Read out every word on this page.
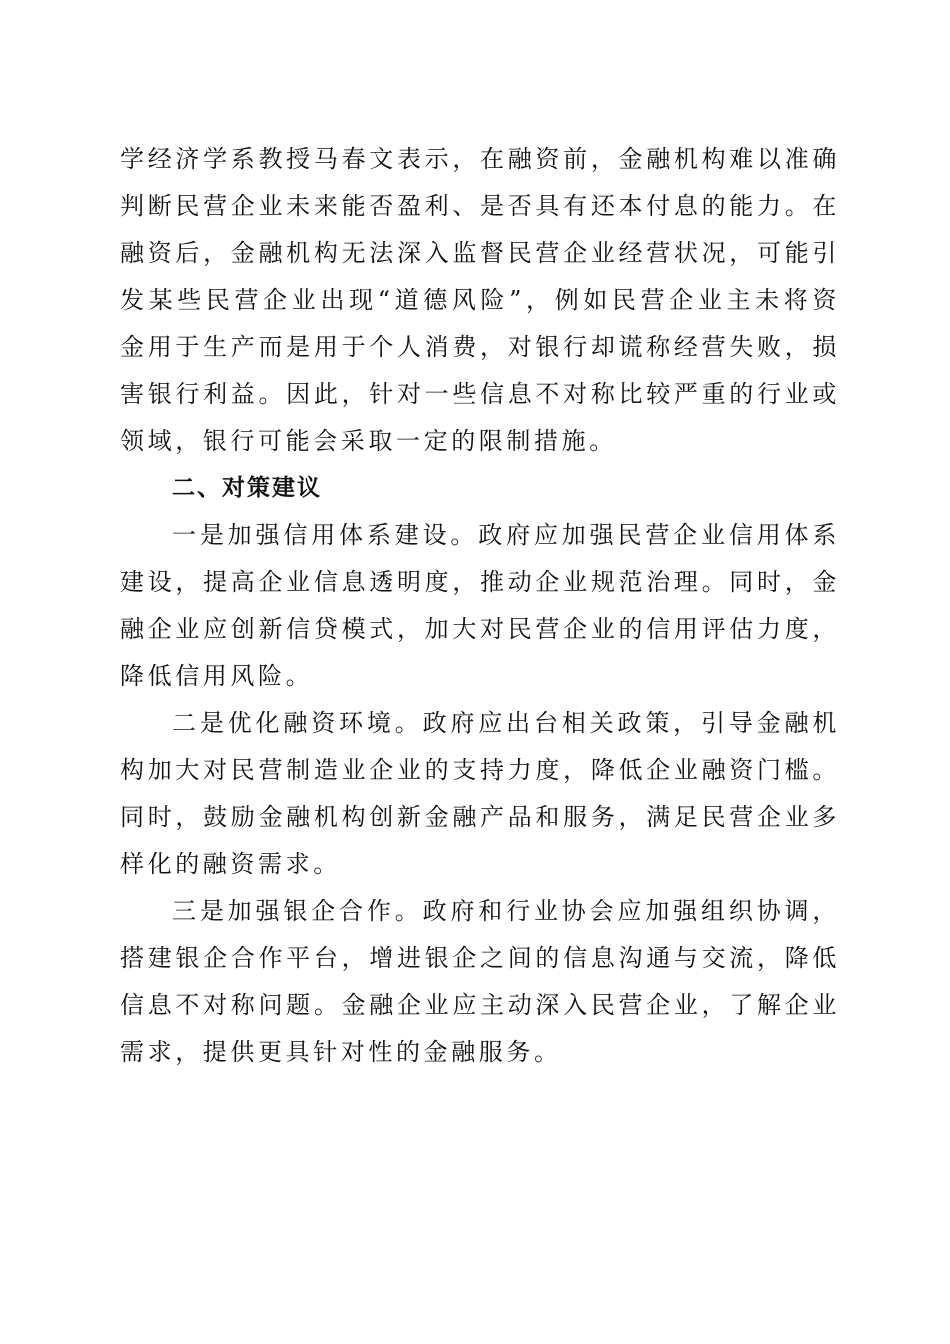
学经济学系教授马春文表示，在融资前，金融机构难以准确判断民营企业未来能否盈利、是否具有还本付息的能力。在融资后，金融机构无法深入监督民营企业经营状况，可能引发某些民营企业出现“道德风险”，例如民营企业主未将资金用于生产而是用于个人消费，对银行却谎称经营失败，损害银行利益。因此，针对一些信息不对称比较严重的行业或领域，银行可能会采取一定的限制措施。

二、对策建议

一是加强信用体系建设。政府应加强民营企业信用体系建设，提高企业信息透明度，推动企业规范治理。同时，金融企业应创新信贷模式，加大对民营企业的信用评估力度，降低信用风险。

二是优化融资环境。政府应出台相关政策，引导金融机构加大对民营制造业企业的支持力度，降低企业融资门槛。同时，鼓励金融机构创新金融产品和服务，满足民营企业多样化的融资需求。

三是加强银企合作。政府和行业协会应加强组织协调，搭建银企合作平台，增进银企之间的信息沟通与交流，降低信息不对称问题。金融企业应主动深入民营企业，了解企业需求，提供更具针对性的金融服务。
